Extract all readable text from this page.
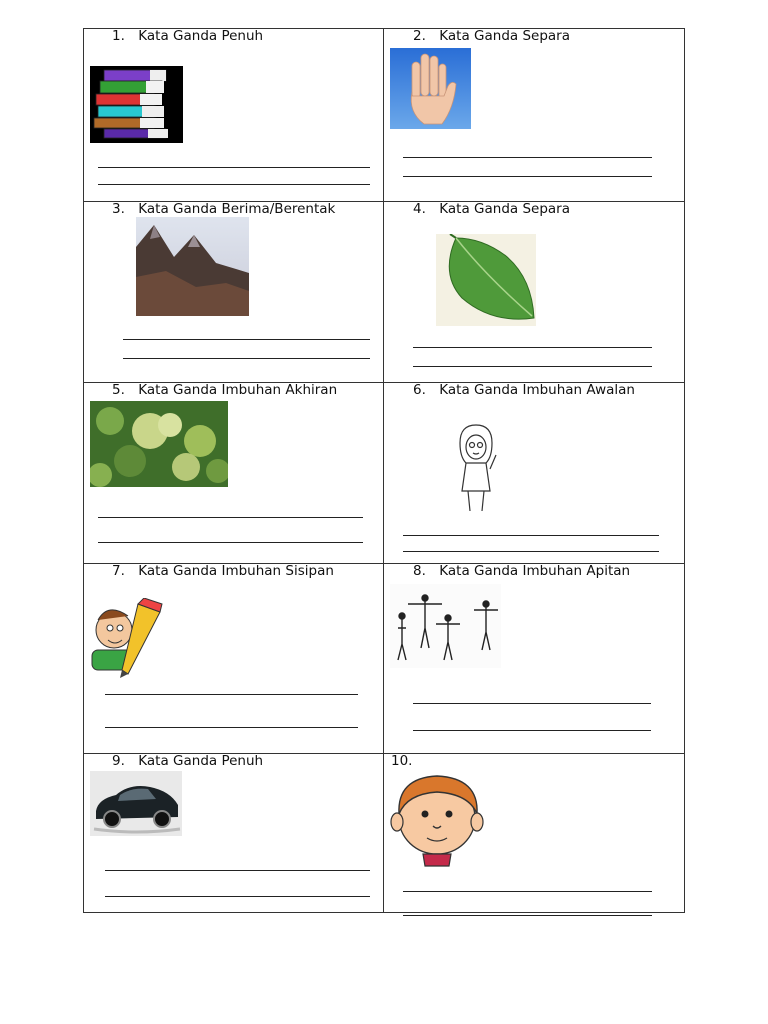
1. Kata Ganda Penuh	2. Kata Ganda Separa
3. Kata Ganda Berima/Berentak	4. Kata Ganda Separa
5. Kata Ganda Imbuhan Akhiran	6. Kata Ganda Imbuhan Awalan
7. Kata Ganda Imbuhan Sisipan	8. Kata Ganda Imbuhan Apitan
9. Kata Ganda Penuh	10.
